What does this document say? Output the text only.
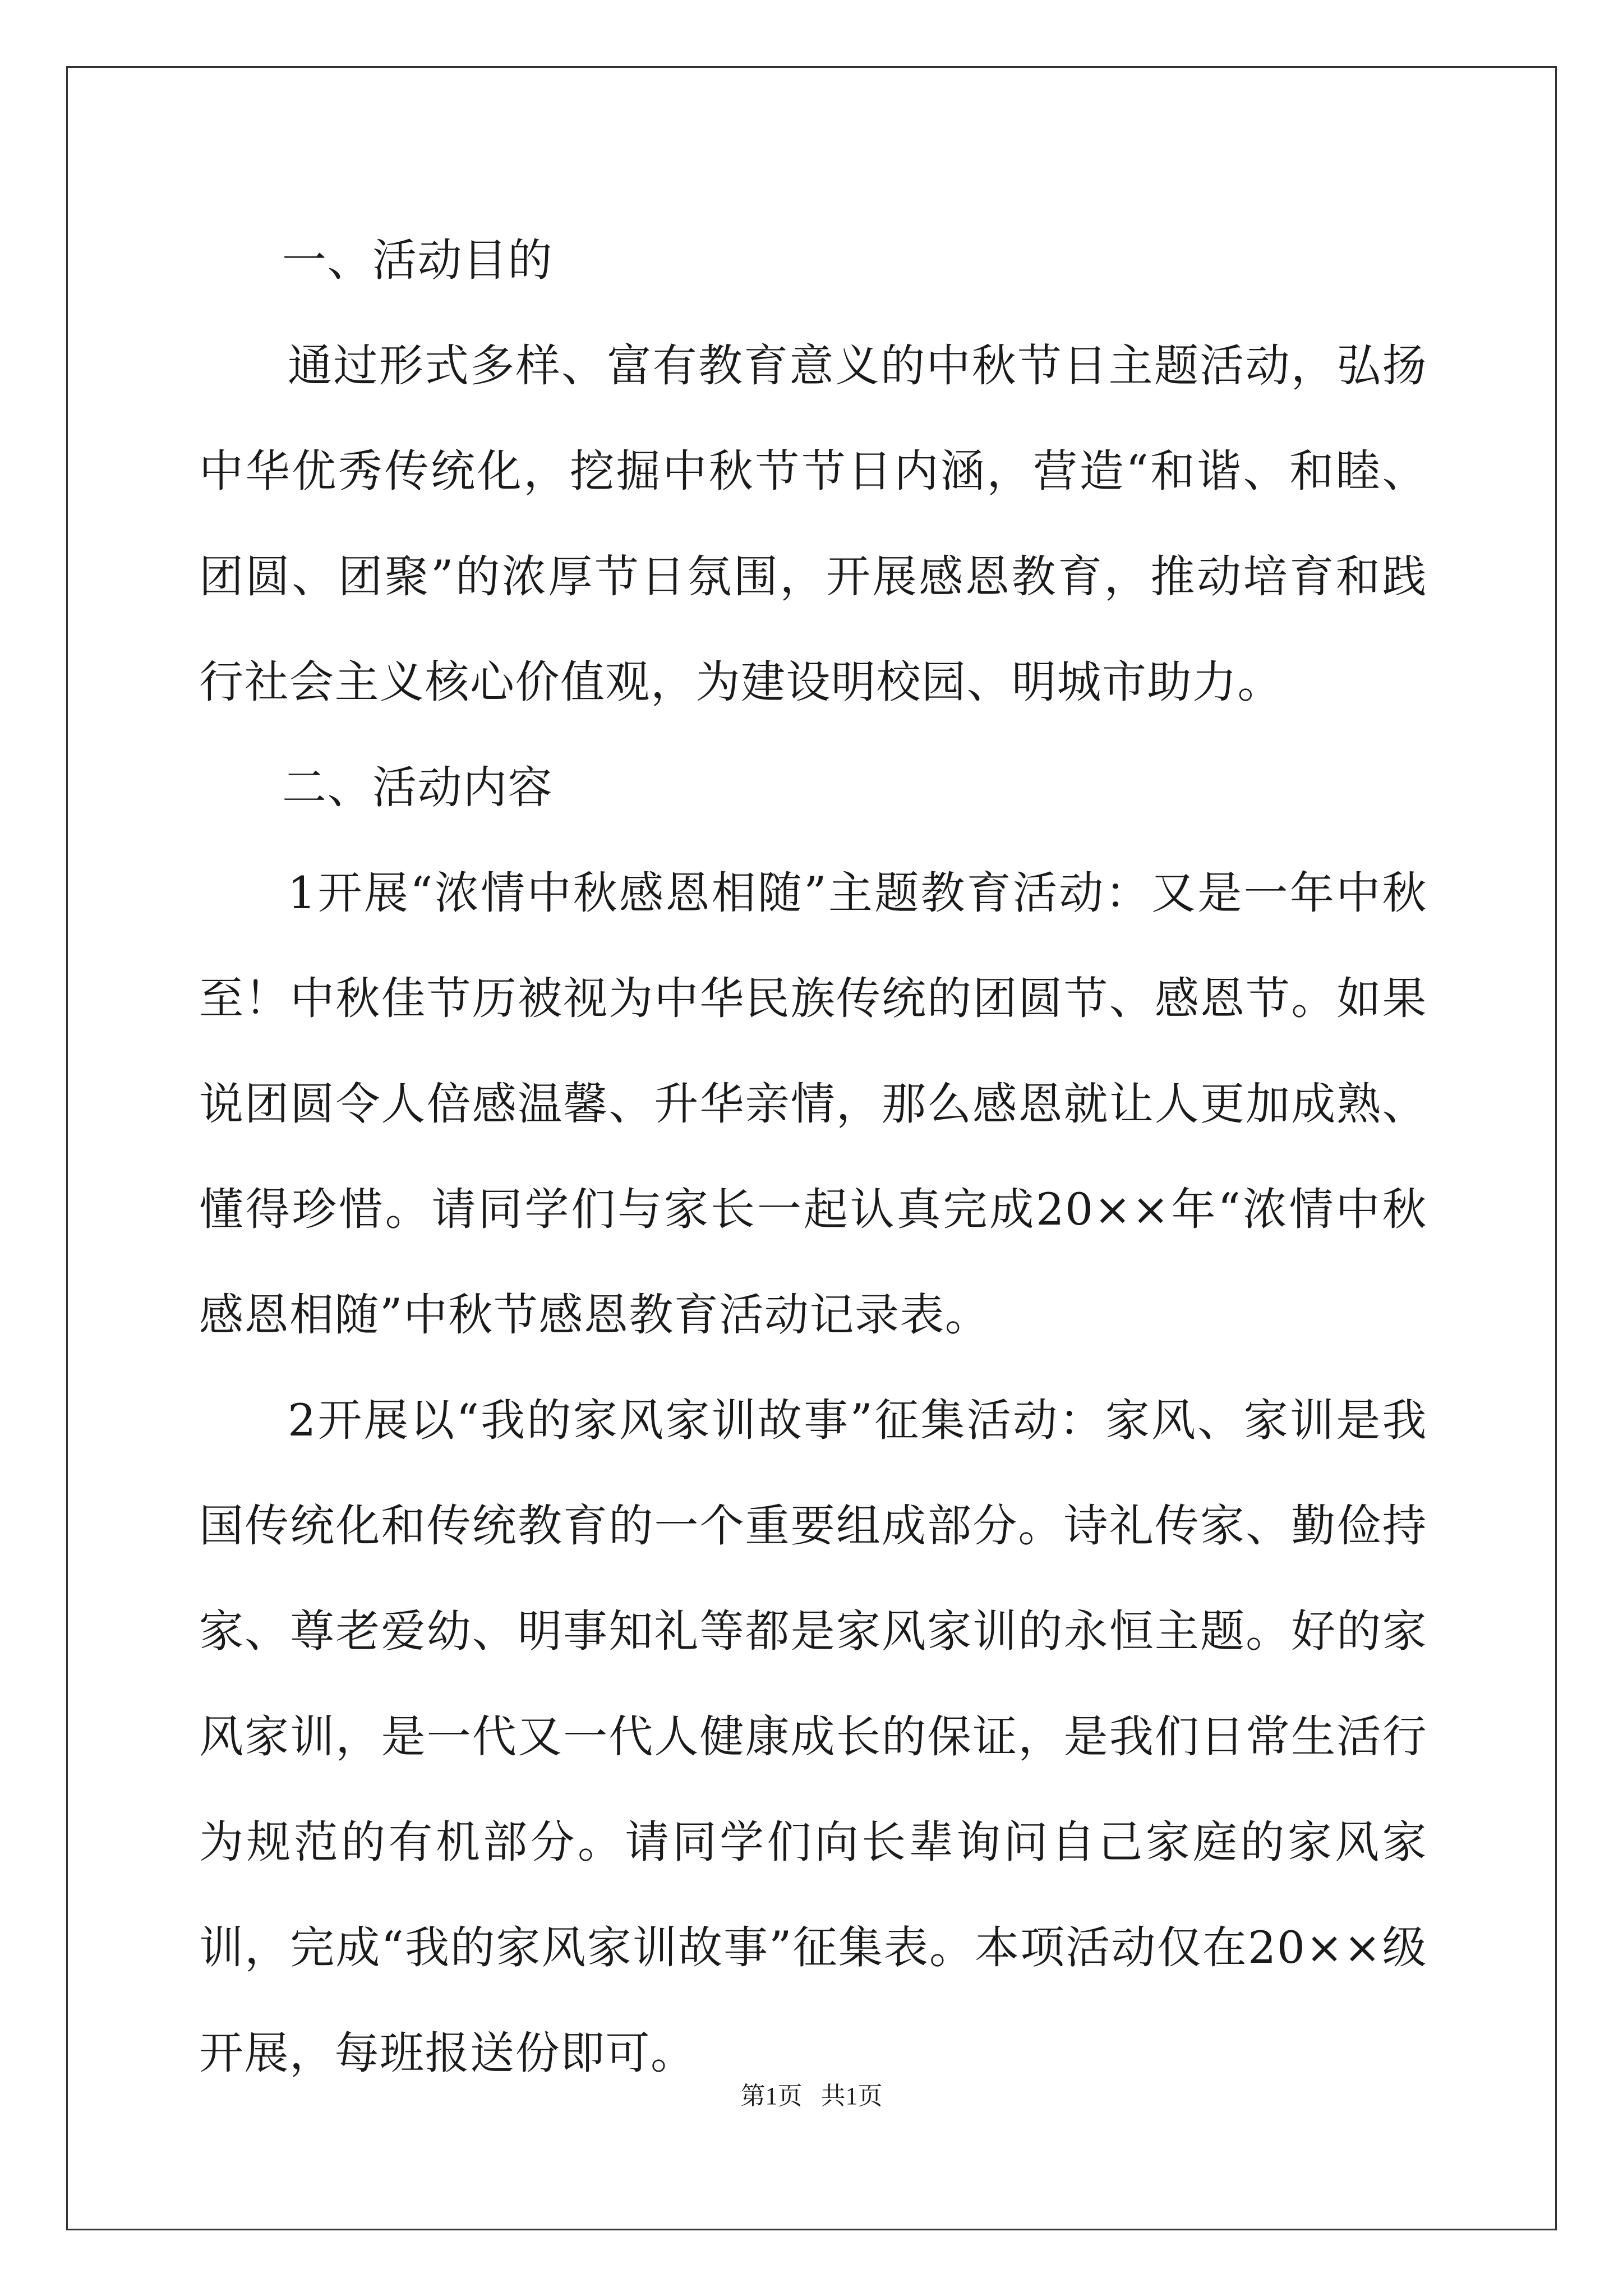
一、活动目的

通过形式多样、富有教育意义的中秋节日主题活动，弘扬中华优秀传统化，挖掘中秋节节日内涵，营造“和谐、和睦、团圆、团聚”的浓厚节日氛围，开展感恩教育，推动培育和践行社会主义核心价值观，为建设明校园、明城市助力。

二、活动内容

1开展“浓情中秋感恩相随”主题教育活动：又是一年中秋至！中秋佳节历被视为中华民族传统的团圆节、感恩节。如果说团圆令人倍感温馨、升华亲情，那么感恩就让人更加成熟、懂得珍惜。请同学们与家长一起认真完成20××年“浓情中秋感恩相随”中秋节感恩教育活动记录表。

2开展以“我的家风家训故事”征集活动：家风、家训是我国传统化和传统教育的一个重要组成部分。诗礼传家、勤俭持家、尊老爱幼、明事知礼等都是家风家训的永恒主题。好的家风家训，是一代又一代人健康成长的保证，是我们日常生活行为规范的有机部分。请同学们向长辈询问自己家庭的家风家训，完成“我的家风家训故事”征集表。本项活动仅在20××级开展，每班报送份即可。

第1页   共1页
